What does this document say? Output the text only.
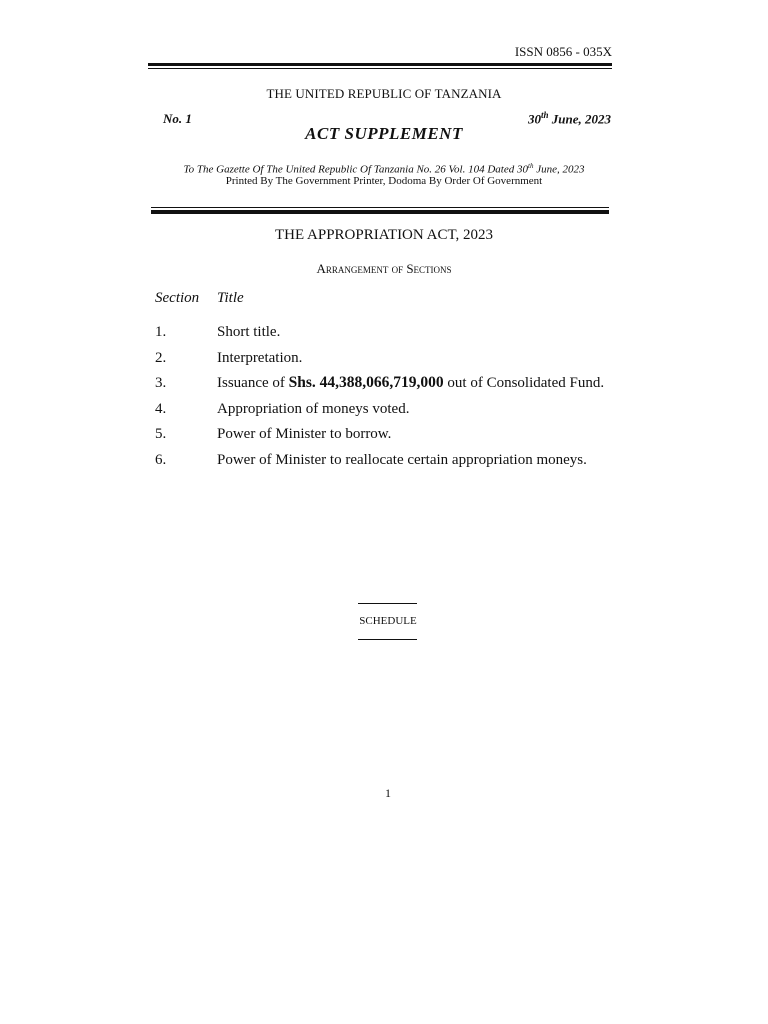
ISSN 0856 - 035X
THE UNITED REPUBLIC OF TANZANIA
No. 1	30th June, 2023
ACT SUPPLEMENT
To The Gazette Of The United Republic Of Tanzania No. 26 Vol. 104 Dated 30th June, 2023
Printed By The Government Printer, Dodoma By Order Of Government
THE APPROPRIATION ACT, 2023
Arrangement of Sections
Section Title
1.	Short title.
2.	Interpretation.
3.	Issuance of Shs. 44,388,066,719,000 out of Consolidated Fund.
4.	Appropriation of moneys voted.
5.	Power of Minister to borrow.
6.	Power of Minister to reallocate certain appropriation moneys.
SCHEDULE
1
